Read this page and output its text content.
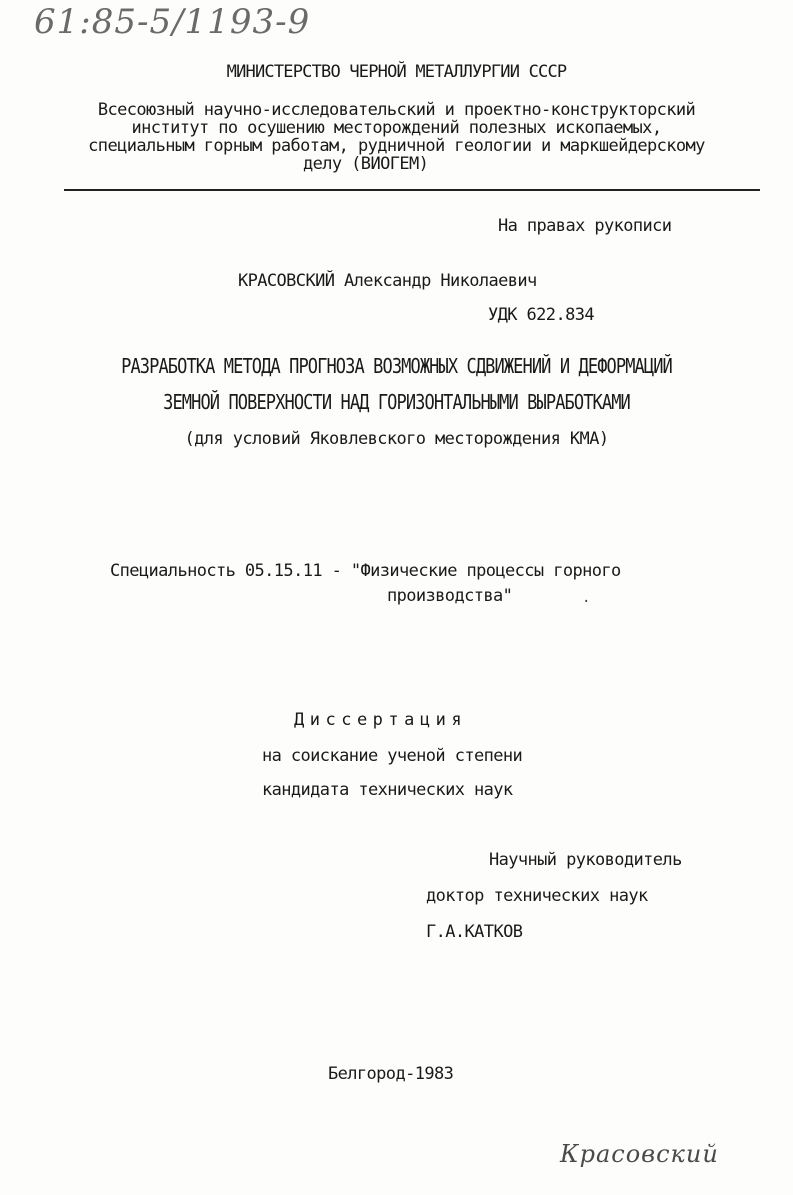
61:85-5/1193-9
МИНИСТЕРСТВО ЧЕРНОЙ МЕТАЛЛУРГИИ СССР
Всесоюзный научно-исследовательский и проектно-конструкторский
институт по осушению месторождений полезных ископаемых,
специальным горным работам, рудничной геологии и маркшейдерскому
делу (ВИОГЕМ)
На правах рукописи
КРАСОВСКИЙ Александр Николаевич
УДК 622.834
РАЗРАБОТКА МЕТОДА ПРОГНОЗА ВОЗМОЖНЫХ СДВИЖЕНИЙ И ДЕФОРМАЦИЙ
ЗЕМНОЙ ПОВЕРХНОСТИ НАД ГОРИЗОНТАЛЬНЫМИ ВЫРАБОТКАМИ
(для условий Яковлевского месторождения КМА)
Специальность 05.15.11 - "Физические процессы горного
производства"	.
Диссертация
на соискание ученой степени
кандидата технических наук
Научный руководитель
доктор технических наук
Г.А.КАТКОВ
Белгород-1983
Красовский
